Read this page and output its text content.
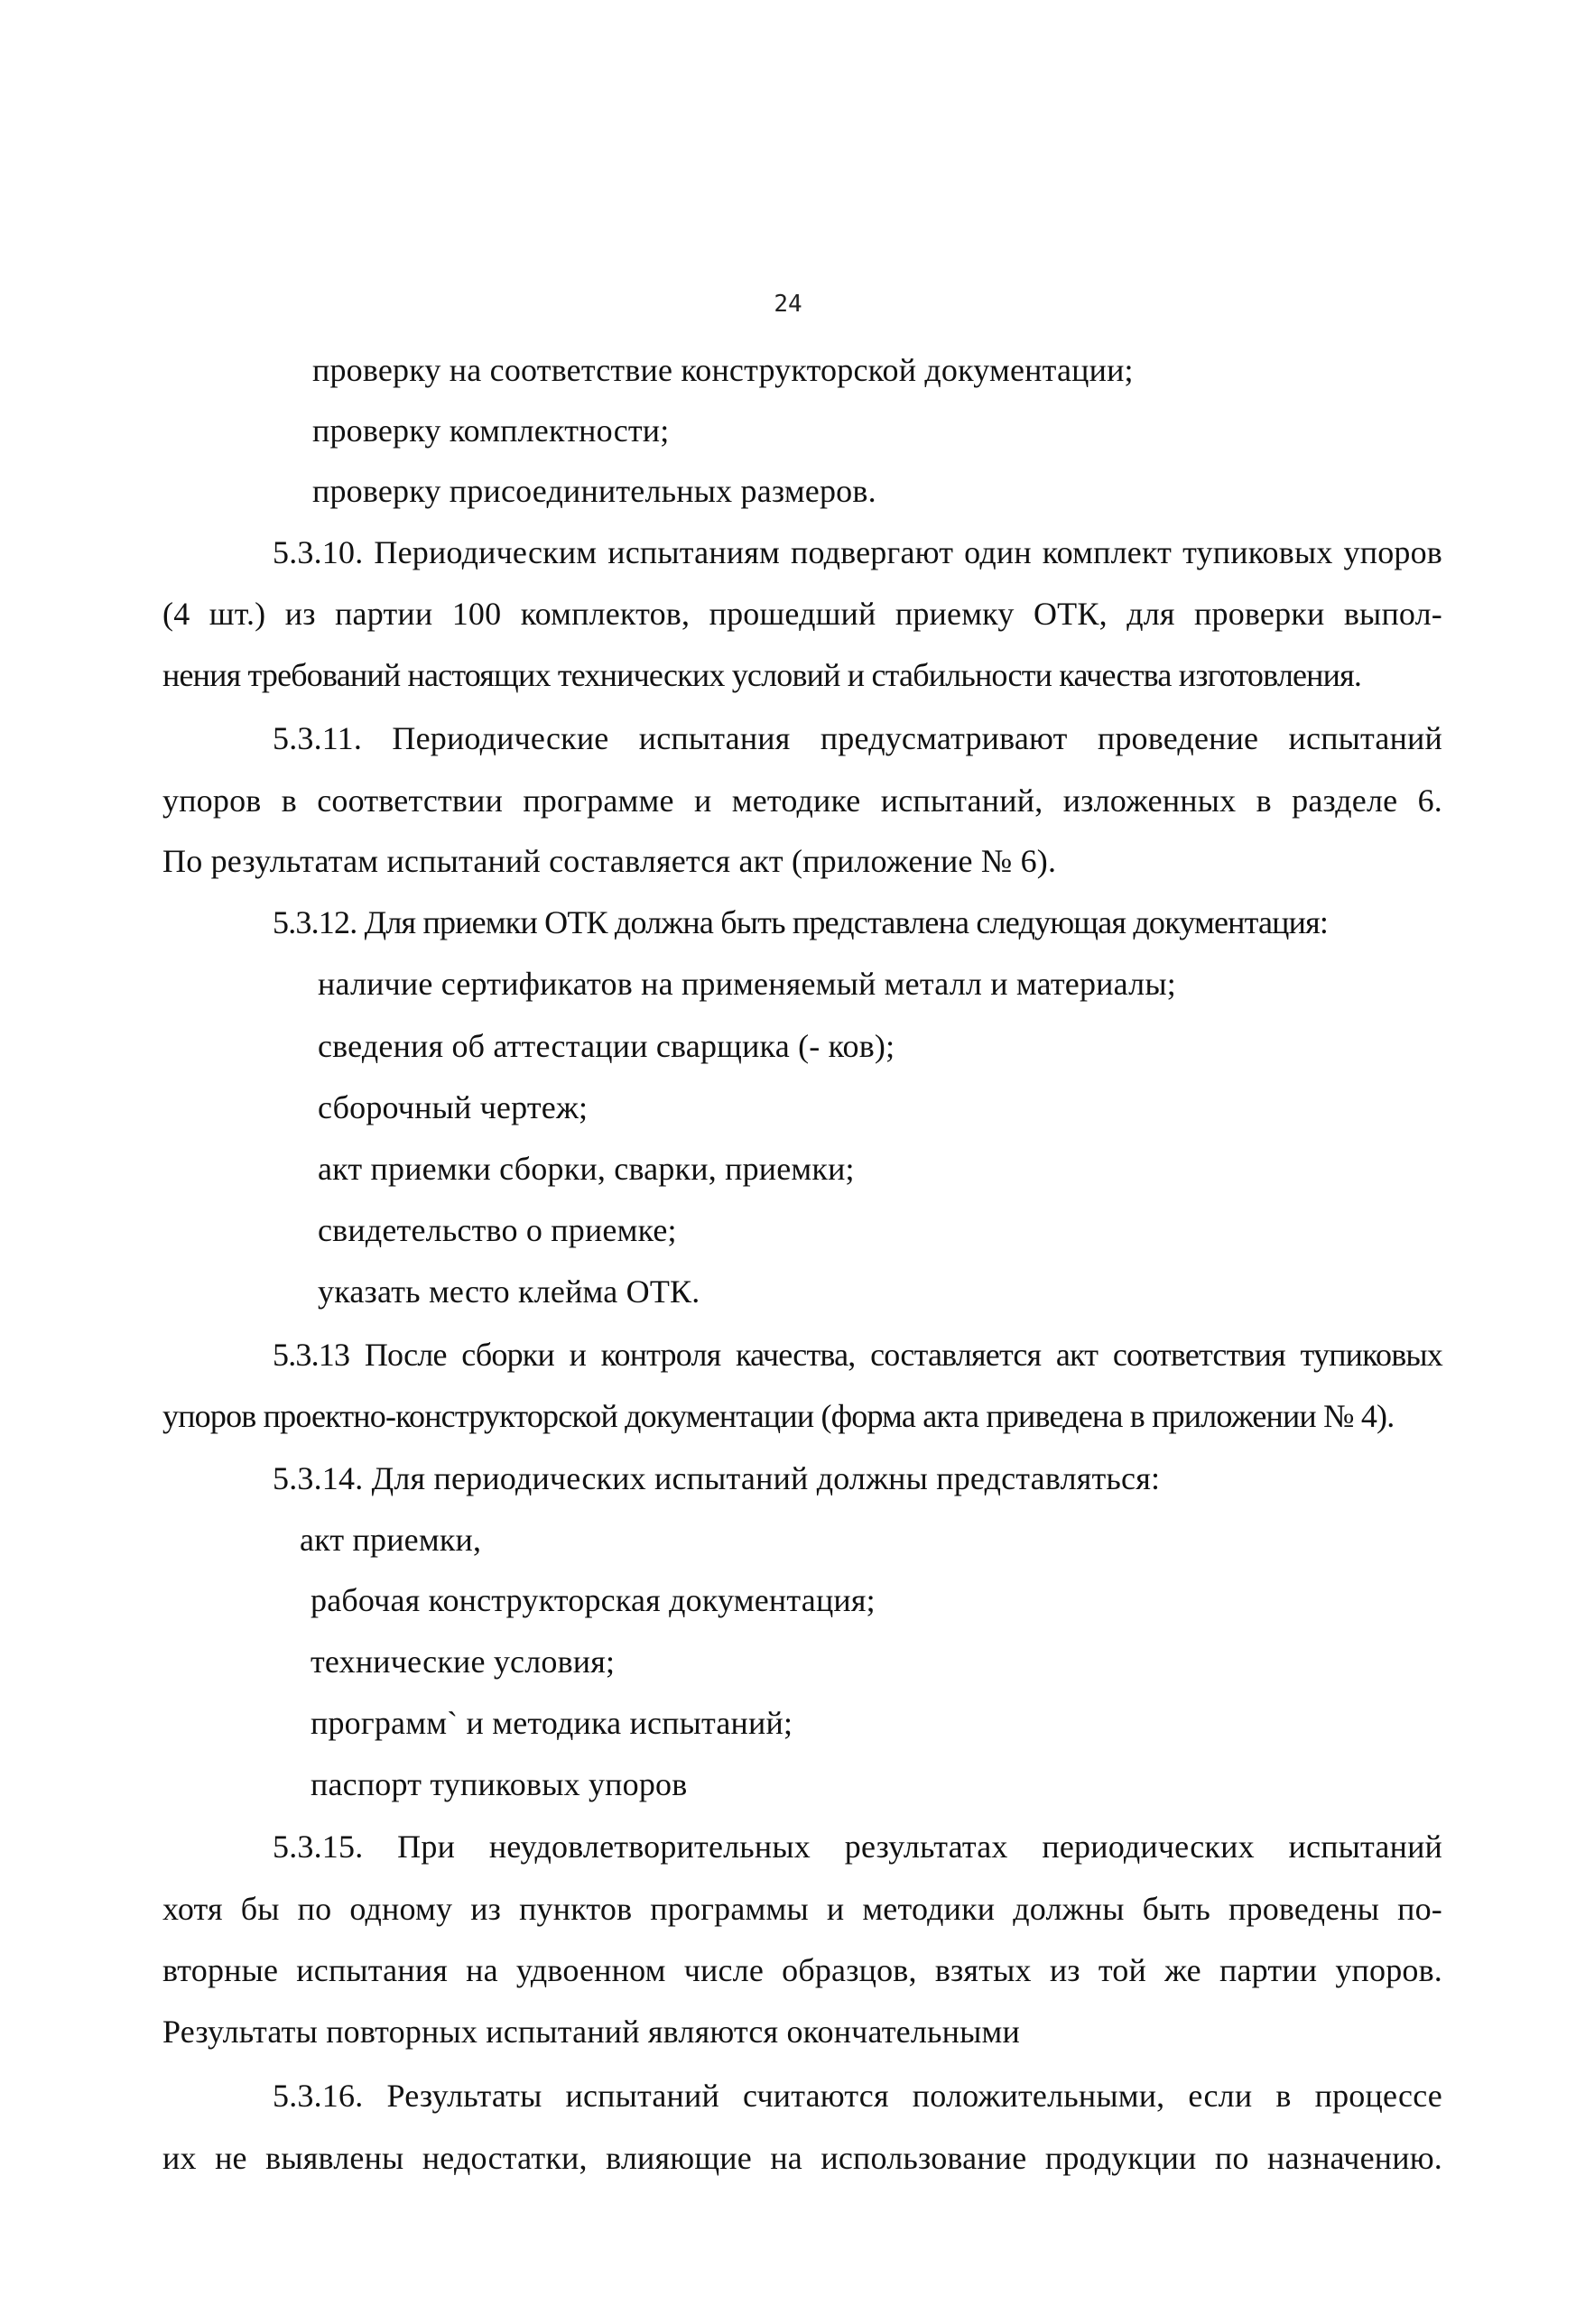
24
проверку на соответствие конструкторской документации;
проверку комплектности;
проверку присоединительных размеров.
5.3.10. Периодическим испытаниям подвергают один комплект тупиковых упоров
(4 шт.) из партии 100 комплектов, прошедший приемку ОТК, для проверки выпол-
нения требований настоящих технических условий и стабильности качества изготовления.
5.3.11. Периодические испытания предусматривают проведение испытаний
упоров в соответствии программе и методике испытаний, изложенных в разделе 6.
По результатам испытаний составляется акт (приложение № 6).
5.3.12. Для приемки ОТК должна быть представлена следующая документация:
наличие сертификатов на применяемый металл и материалы;
сведения об аттестации сварщика (- ков);
сборочный чертеж;
акт приемки сборки, сварки, приемки;
свидетельство о приемке;
указать место клейма ОТК.
5.3.13 После сборки и контроля качества, составляется акт соответствия тупиковых
упоров проектно-конструкторской документации (форма акта приведена в приложении № 4).
5.3.14. Для периодических испытаний должны представляться:
акт приемки,
рабочая конструкторская документация;
технические условия;
программ` и методика испытаний;
паспорт тупиковых упоров
5.3.15. При неудовлетворительных результатах периодических испытаний
хотя бы по одному из пунктов программы и методики должны быть проведены по-
вторные испытания на удвоенном числе образцов, взятых из той же партии упоров.
Результаты повторных испытаний являются окончательными
5.3.16. Результаты испытаний считаются положительными, если в процессе
их не выявлены недостатки, влияющие на использование продукции по назначению.
